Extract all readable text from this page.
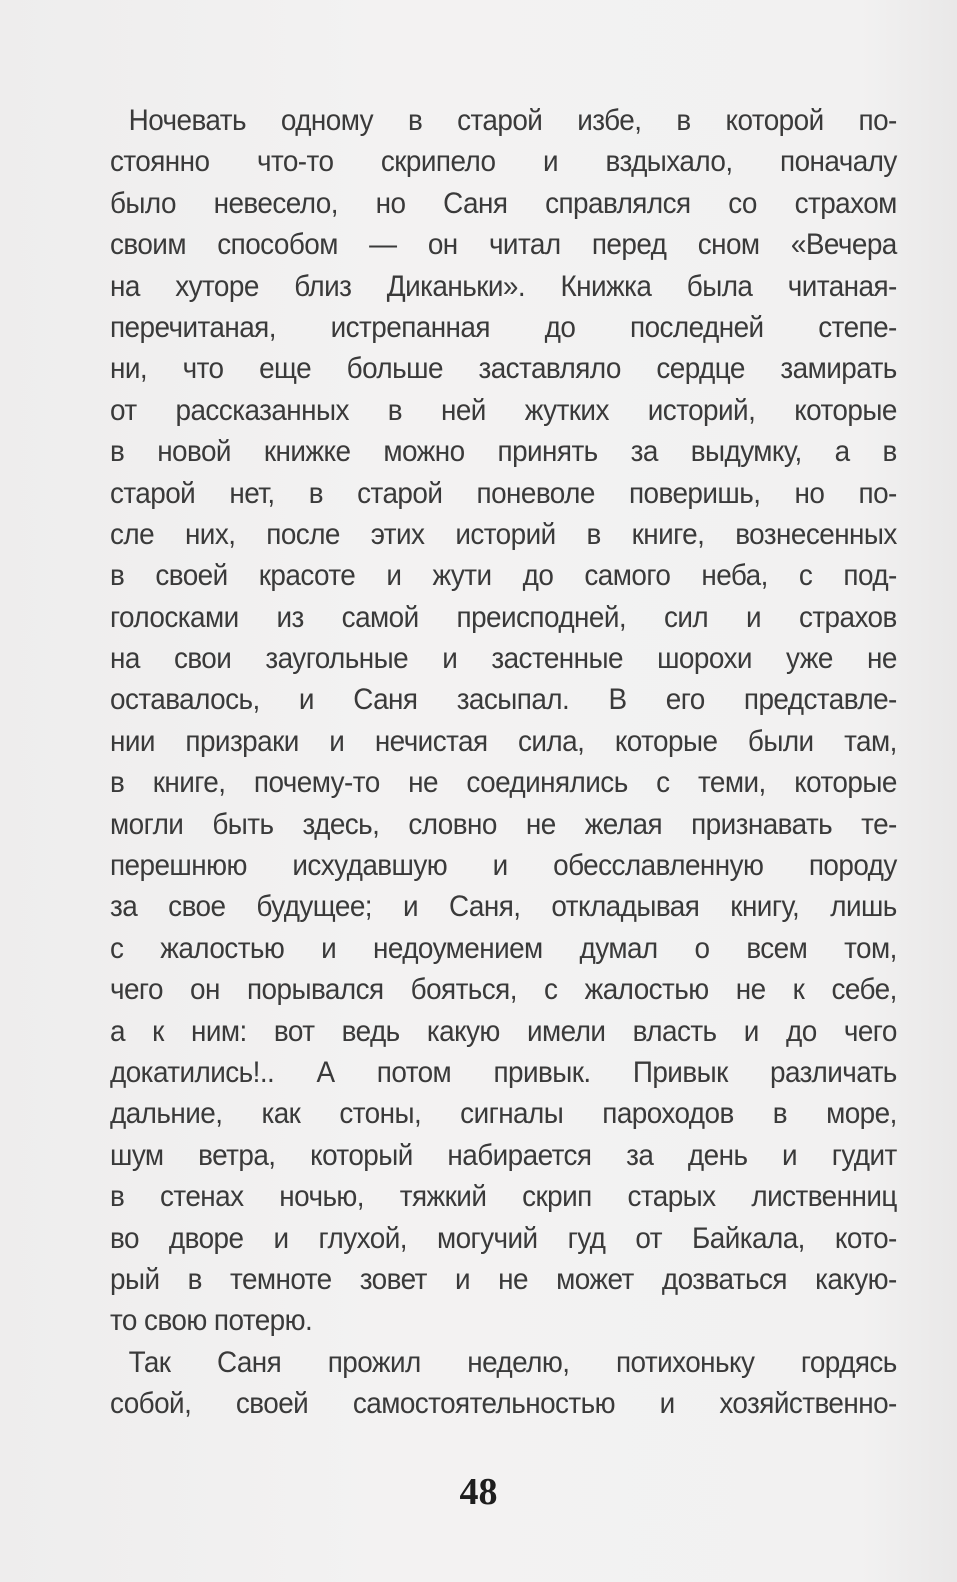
Ночевать одному в старой избе, в которой по-
стоянно что-то скрипело и вздыхало, поначалу
было невесело, но Саня справлялся со страхом
своим способом — он читал перед сном «Вечера
на хуторе близ Диканьки». Книжка была читаная-
перечитаная, истрепанная до последней степе-
ни, что еще больше заставляло сердце замирать
от рассказанных в ней жутких историй, которые
в новой книжке можно принять за выдумку, а в
старой нет, в старой поневоле поверишь, но по-
сле них, после этих историй в книге, вознесенных
в своей красоте и жути до самого неба, с под-
голосками из самой преисподней, сил и страхов
на свои заугольные и застенные шорохи уже не
оставалось, и Саня засыпал. В его представле-
нии призраки и нечистая сила, которые были там,
в книге, почему-то не соединялись с теми, которые
могли быть здесь, словно не желая признавать те-
перешнюю исхудавшую и обесславленную породу
за свое будущее; и Саня, откладывая книгу, лишь
с жалостью и недоумением думал о всем том,
чего он порывался бояться, с жалостью не к себе,
а к ним: вот ведь какую имели власть и до чего
докатились!.. А потом привык. Привык различать
дальние, как стоны, сигналы пароходов в море,
шум ветра, который набирается за день и гудит
в стенах ночью, тяжкий скрип старых лиственниц
во дворе и глухой, могучий гуд от Байкала, кото-
рый в темноте зовет и не может дозваться какую-
то свою потерю.
Так Саня прожил неделю, потихоньку гордясь
собой, своей самостоятельностью и хозяйственно-
48
